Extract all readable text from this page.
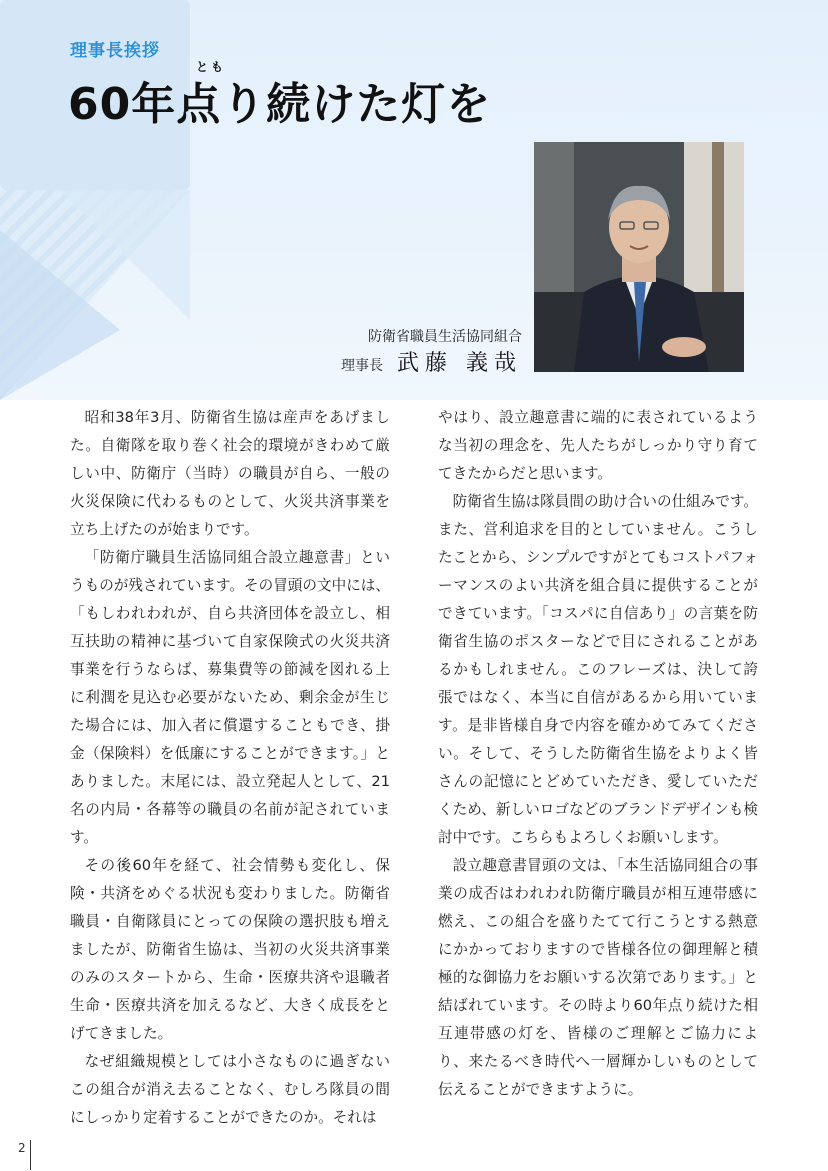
理事長挨拶
とも
60年点り続けた灯を
防衛省職員生活協同組合
理事長 武藤 義哉

昭和38年3月、防衛省生協は産声をあげました。自衛隊を取り巻く社会的環境がきわめて厳しい中、防衛庁（当時）の職員が自ら、一般の火災保険に代わるものとして、火災共済事業を立ち上げたのが始まりです。

「防衛庁職員生活協同組合設立趣意書」というものが残されています。その冒頭の文中には、「もしわれわれが、自ら共済団体を設立し、相互扶助の精神に基づいて自家保険式の火災共済事業を行うならば、募集費等の節減を図れる上に利潤を見込む必要がないため、剰余金が生じた場合には、加入者に償還することもでき、掛金（保険料）を低廉にすることができます。」とありました。末尾には、設立発起人として、21名の内局・各幕等の職員の名前が記されています。

その後60年を経て、社会情勢も変化し、保険・共済をめぐる状況も変わりました。防衛省職員・自衛隊員にとっての保険の選択肢も増えましたが、防衛省生協は、当初の火災共済事業のみのスタートから、生命・医療共済や退職者生命・医療共済を加えるなど、大きく成長をとげてきました。

なぜ組織規模としては小さなものに過ぎないこの組合が消え去ることなく、むしろ隊員の間にしっかり定着することができたのか。それは

やはり、設立趣意書に端的に表されているような当初の理念を、先人たちがしっかり守り育ててきたからだと思います。

防衛省生協は隊員間の助け合いの仕組みです。また、営利追求を目的としていません。こうしたことから、シンプルですがとてもコストパフォーマンスのよい共済を組合員に提供することができています。「コスパに自信あり」の言葉を防衛省生協のポスターなどで目にされることがあるかもしれません。このフレーズは、決して誇張ではなく、本当に自信があるから用いています。是非皆様自身で内容を確かめてみてください。そして、そうした防衛省生協をよりよく皆さんの記憶にとどめていただき、愛していただくため、新しいロゴなどのブランドデザインも検討中です。こちらもよろしくお願いします。

設立趣意書冒頭の文は、「本生活協同組合の事業の成否はわれわれ防衛庁職員が相互連帯感に燃え、この組合を盛りたてて行こうとする熱意にかかっておりますので皆様各位の御理解と積極的な御協力をお願いする次第であります。」と結ばれています。その時より60年点り続けた相互連帯感の灯を、皆様のご理解とご協力により、来たるべき時代へ一層輝かしいものとして伝えることができますように。

2
